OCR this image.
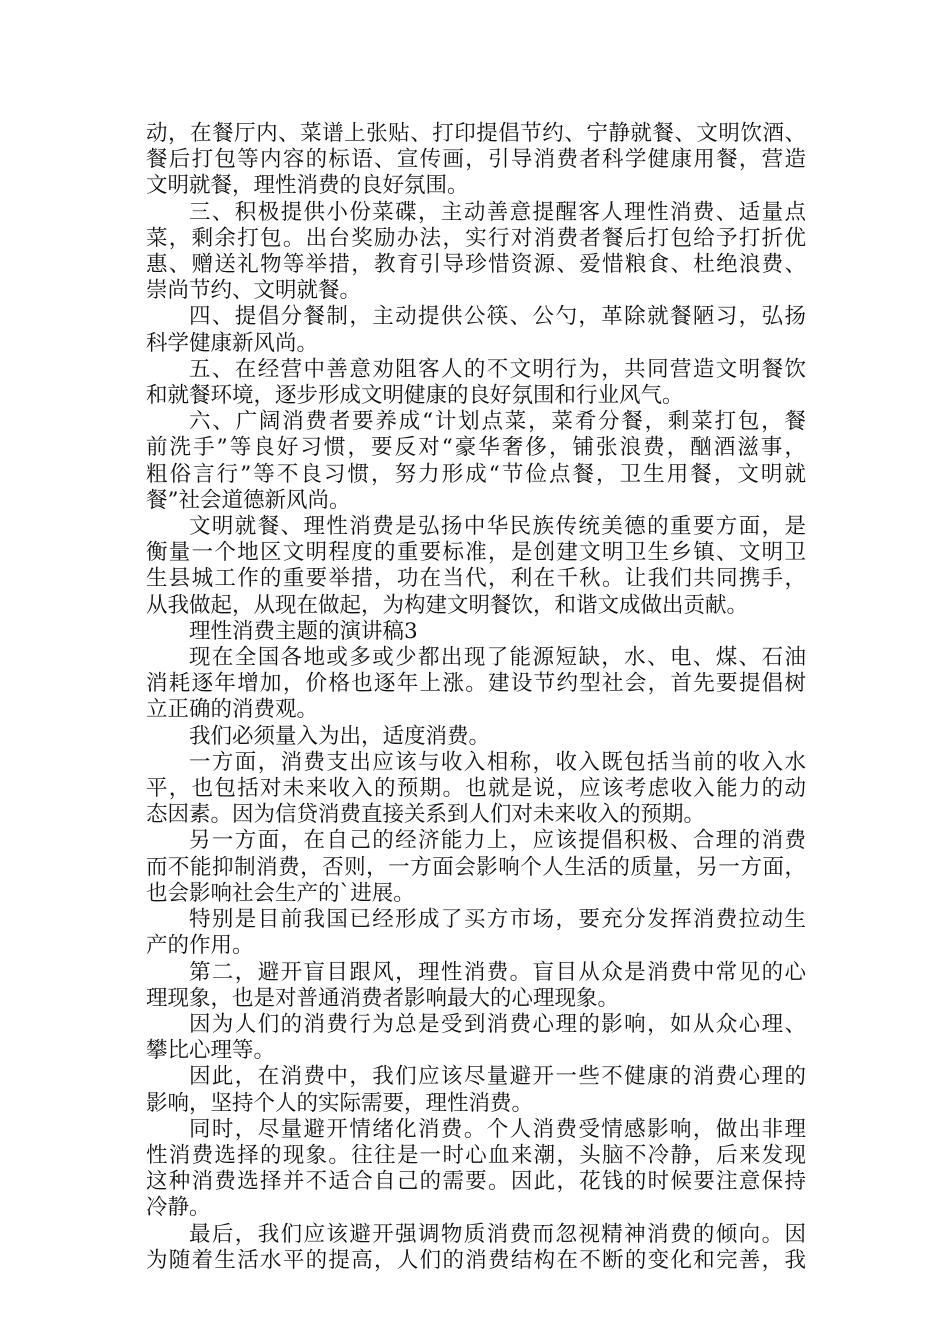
动，在餐厅内、菜谱上张贴、打印提倡节约、宁静就餐、文明饮酒、
餐后打包等内容的标语、宣传画，引导消费者科学健康用餐，营造
文明就餐，理性消费的良好氛围。
三、积极提供小份菜碟，主动善意提醒客人理性消费、适量点
菜，剩余打包。出台奖励办法，实行对消费者餐后打包给予打折优
惠、赠送礼物等举措，教育引导珍惜资源、爱惜粮食、杜绝浪费、
崇尚节约、文明就餐。
四、提倡分餐制，主动提供公筷、公勺，革除就餐陋习，弘扬
科学健康新风尚。
五、在经营中善意劝阻客人的不文明行为，共同营造文明餐饮
和就餐环境，逐步形成文明健康的良好氛围和行业风气。
六、广阔消费者要养成“计划点菜，菜肴分餐，剩菜打包，餐
前洗手”等良好习惯，要反对“豪华奢侈，铺张浪费，酗酒滋事，
粗俗言行”等不良习惯，努力形成“节俭点餐，卫生用餐，文明就
餐”社会道德新风尚。
文明就餐、理性消费是弘扬中华民族传统美德的重要方面，是
衡量一个地区文明程度的重要标准，是创建文明卫生乡镇、文明卫
生县城工作的重要举措，功在当代，利在千秋。让我们共同携手，
从我做起，从现在做起，为构建文明餐饮，和谐文成做出贡献。
理性消费主题的演讲稿3
现在全国各地或多或少都出现了能源短缺，水、电、煤、石油
消耗逐年增加，价格也逐年上涨。建设节约型社会，首先要提倡树
立正确的消费观。
我们必须量入为出，适度消费。
一方面，消费支出应该与收入相称，收入既包括当前的收入水
平，也包括对未来收入的预期。也就是说，应该考虑收入能力的动
态因素。因为信贷消费直接关系到人们对未来收入的预期。
另一方面，在自己的经济能力上，应该提倡积极、合理的消费
而不能抑制消费，否则，一方面会影响个人生活的质量，另一方面，
也会影响社会生产的`进展。
特别是目前我国已经形成了买方市场，要充分发挥消费拉动生
产的作用。
第二，避开盲目跟风，理性消费。盲目从众是消费中常见的心
理现象，也是对普通消费者影响最大的心理现象。
因为人们的消费行为总是受到消费心理的影响，如从众心理、
攀比心理等。
因此，在消费中，我们应该尽量避开一些不健康的消费心理的
影响，坚持个人的实际需要，理性消费。
同时，尽量避开情绪化消费。个人消费受情感影响，做出非理
性消费选择的现象。往往是一时心血来潮，头脑不冷静，后来发现
这种消费选择并不适合自己的需要。因此，花钱的时候要注意保持
冷静。
最后，我们应该避开强调物质消费而忽视精神消费的倾向。因
为随着生活水平的提高，人们的消费结构在不断的变化和完善，我
